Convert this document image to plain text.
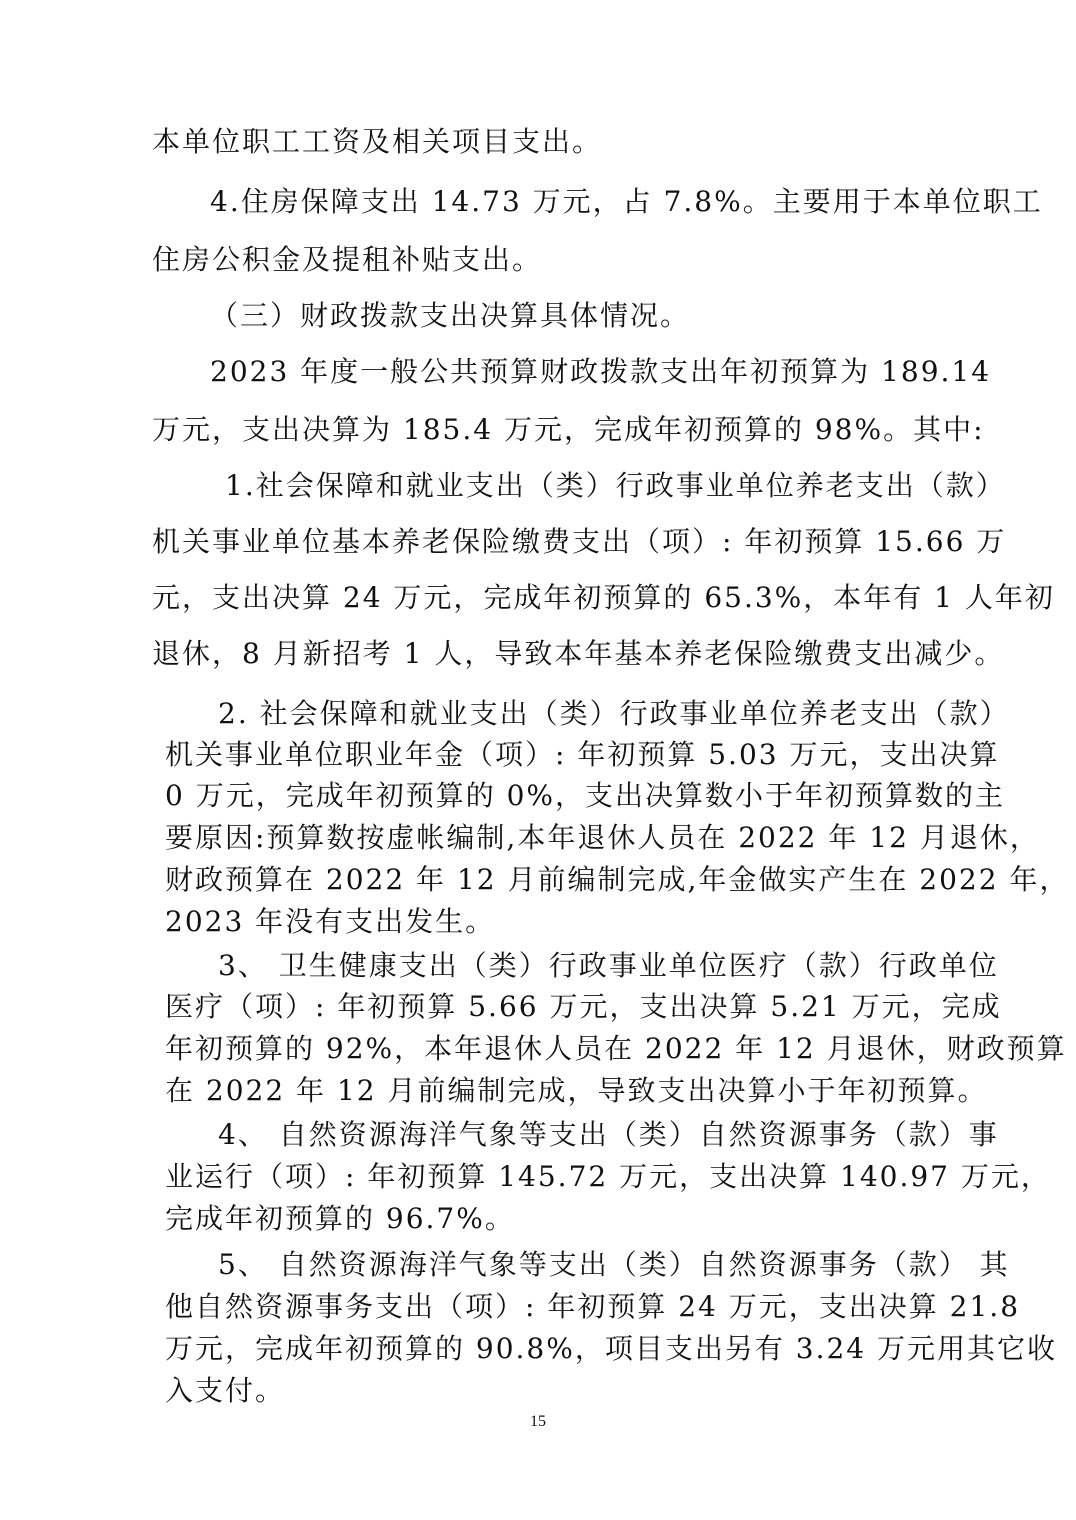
本单位职工工资及相关项目支出。

4.住房保障支出 14.73 万元，占 7.8%。主要用于本单位职工

住房公积金及提租补贴支出。

（三）财政拨款支出决算具体情况。

2023 年度一般公共预算财政拨款支出年初预算为 189.14

万元，支出决算为 185.4 万元，完成年初预算的 98%。其中:

1.社会保障和就业支出（类）行政事业单位养老支出（款）

机关事业单位基本养老保险缴费支出（项）: 年初预算 15.66 万

元，支出决算 24 万元，完成年初预算的 65.3%，本年有 1 人年初

退休，8 月新招考 1 人，导致本年基本养老保险缴费支出减少。

2. 社会保障和就业支出（类）行政事业单位养老支出（款）

机关事业单位职业年金（项）: 年初预算 5.03 万元，支出决算

0 万元，完成年初预算的 0%，支出决算数小于年初预算数的主

要原因:预算数按虚帐编制,本年退休人员在 2022 年 12 月退休，

财政预算在 2022 年 12 月前编制完成,年金做实产生在 2022 年，

2023 年没有支出发生。

3、 卫生健康支出（类）行政事业单位医疗（款）行政单位

医疗（项）: 年初预算 5.66 万元，支出决算 5.21 万元，完成

年初预算的 92%，本年退休人员在 2022 年 12 月退休，财政预算

在 2022 年 12 月前编制完成，导致支出决算小于年初预算。

4、 自然资源海洋气象等支出（类）自然资源事务（款）事

业运行（项）: 年初预算 145.72 万元，支出决算 140.97 万元，

完成年初预算的 96.7%。

5、 自然资源海洋气象等支出（类）自然资源事务（款） 其

他自然资源事务支出（项）: 年初预算 24 万元，支出决算 21.8

万元，完成年初预算的 90.8%，项目支出另有 3.24 万元用其它收

入支付。

15
